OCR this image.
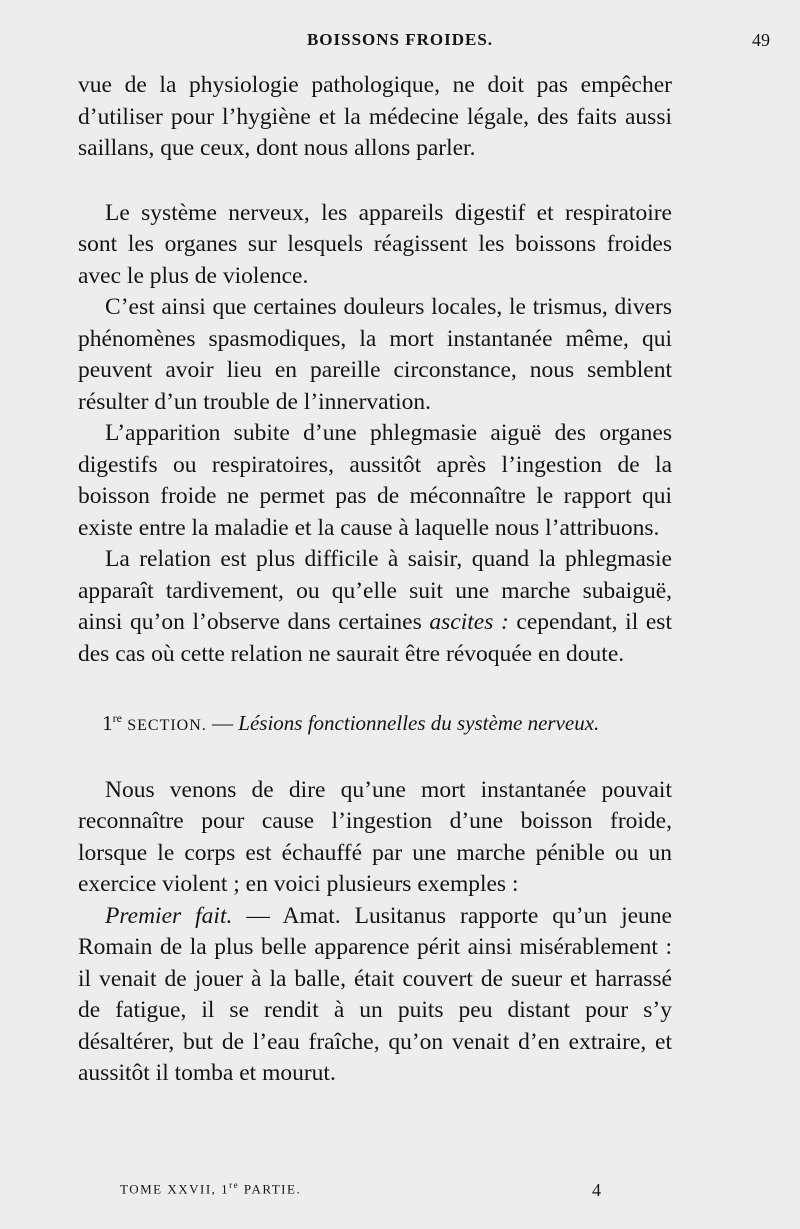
BOISSONS FROIDES.	49

vue de la physiologie pathologique, ne doit pas empêcher d’utiliser pour l’hygiène et la médecine légale, des faits aussi saillans, que ceux, dont nous allons parler.

Le système nerveux, les appareils digestif et respiratoire sont les organes sur lesquels réagissent les boissons froides avec le plus de violence.

C’est ainsi que certaines douleurs locales, le trismus, divers phénomènes spasmodiques, la mort instantanée même, qui peuvent avoir lieu en pareille circonstance, nous semblent résulter d’un trouble de l’innervation.

L’apparition subite d’une phlegmasie aiguë des organes digestifs ou respiratoires, aussitôt après l’ingestion de la boisson froide ne permet pas de méconnaître le rapport qui existe entre la maladie et la cause à laquelle nous l’attribuons.

La relation est plus difficile à saisir, quand la phlegmasie apparaît tardivement, ou qu’elle suit une marche subaiguë, ainsi qu’on l’observe dans certaines ascites : cependant, il est des cas où cette relation ne saurait être révoquée en doute.

1re SECTION. — Lésions fonctionnelles du système nerveux.

Nous venons de dire qu’une mort instantanée pouvait reconnaître pour cause l’ingestion d’une boisson froide, lorsque le corps est échauffé par une marche pénible ou un exercice violent ; en voici plusieurs exemples :

Premier fait. — Amat. Lusitanus rapporte qu’un jeune Romain de la plus belle apparence périt ainsi misérablement : il venait de jouer à la balle, était couvert de sueur et harrassé de fatigue, il se rendit à un puits peu distant pour s’y désaltérer, but de l’eau fraîche, qu’on venait d’en extraire, et aussitôt il tomba et mourut.

TOME XXVII, 1re PARTIE.	4
